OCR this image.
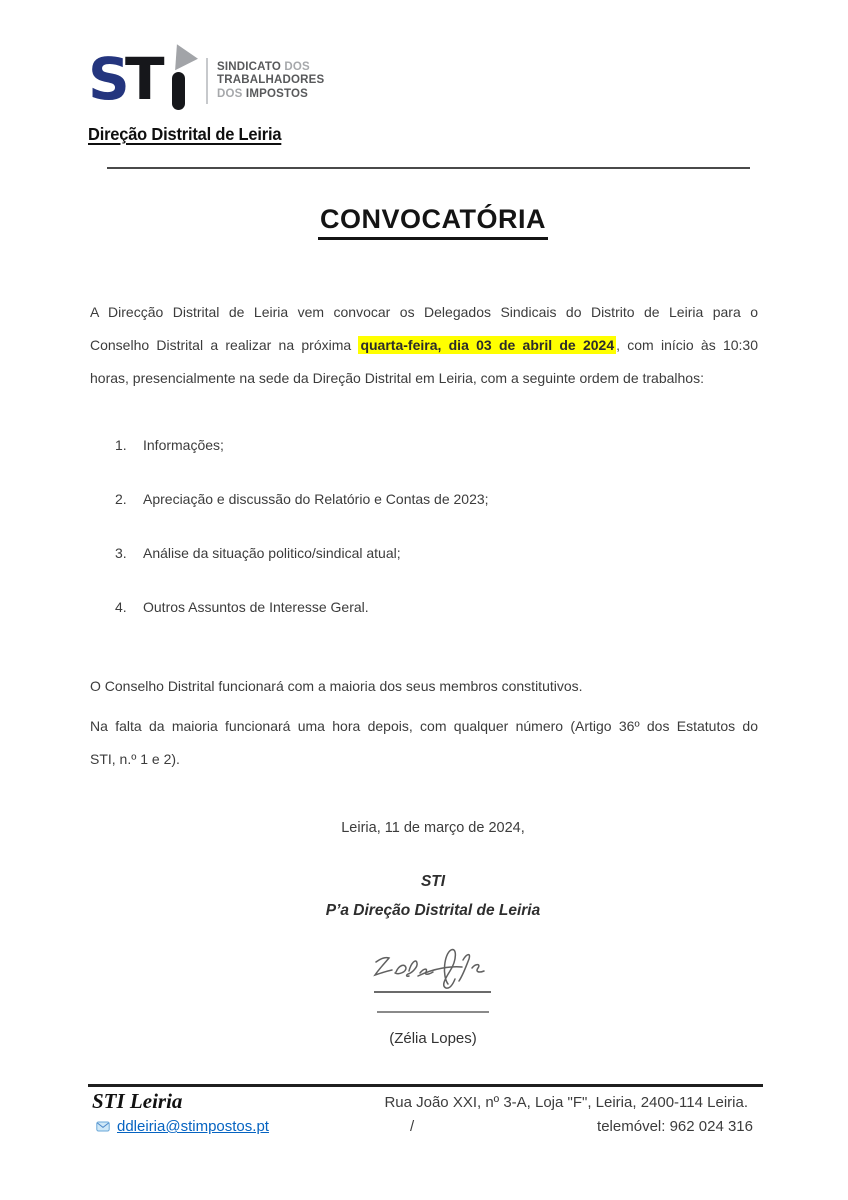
S
T	SINDICATO DOS
TRABALHADORES
DOS IMPOSTOS
Direção Distrital de Leiria
CONVOCATÓRIA
A Direcção Distrital de Leiria vem convocar os Delegados Sindicais do Distrito de Leiria para o
Conselho Distrital a realizar na próxima quarta-feira, dia 03 de abril de 2024 , com início às 10:30
horas, presencialmente na sede da Direção Distrital em Leiria, com a seguinte ordem de trabalhos:
1.	Informações;
2.	Apreciação e discussão do Relatório e Contas de 2023;
3.	Análise da situação politico/sindical atual;
4.	Outros Assuntos de Interesse Geral.
O Conselho Distrital funcionará com a maioria dos seus membros constitutivos.
Na falta da maioria funcionará uma hora depois, com qualquer número (Artigo 36º dos Estatutos do
STI, n.º 1 e 2).
Leiria, 11 de março de 2024,
STI
P’a Direção Distrital de Leiria
(Zélia Lopes)
STI Leiria	Rua João XXI, nº 3-A, Loja "F", Leiria, 2400-114 Leiria.
ddleiria@stimpostos.pt	/	telemóvel: 962 024 316
